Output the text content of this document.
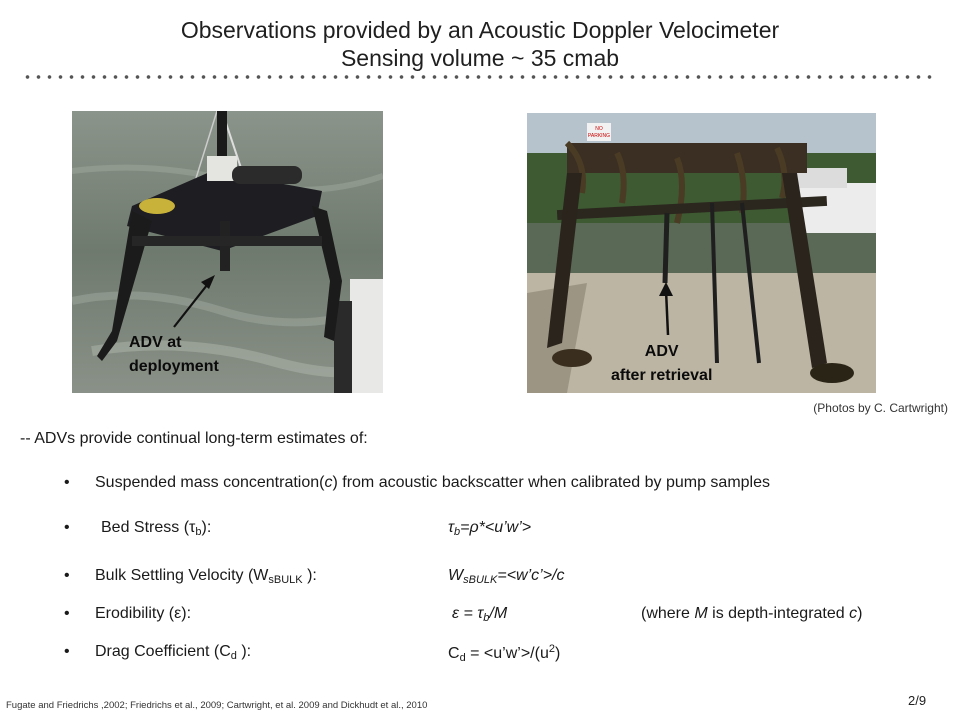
Observations provided by an Acoustic Doppler Velocimeter
Sensing volume ~ 35 cmab
ADV at
deployment
NO
PARKING
ADV
after retrieval
(Photos by C. Cartwright)
-- ADVs provide continual long-term estimates of:
• Suspended mass concentration(c) from acoustic backscatter when calibrated by pump samples
• Bed Stress $(\tau_b)$:	$\tau_b=\rho*<u’w’>$
• Bulk Settling Velocity ($W_{sBULK}$ ):	$W_{sBULK}=<w’c’>/c$
• Erodibility (ε):	$\varepsilon = \tau_b/M$	(where M is depth-integrated c)
• Drag Coefficient ($C_d$ ):	$C_d$ = $<u’w’>/(u^2)$
Fugate and Friedrichs ,2002; Friedrichs et al., 2009; Cartwright, et al. 2009 and Dickhudt et al., 2010	2/9
